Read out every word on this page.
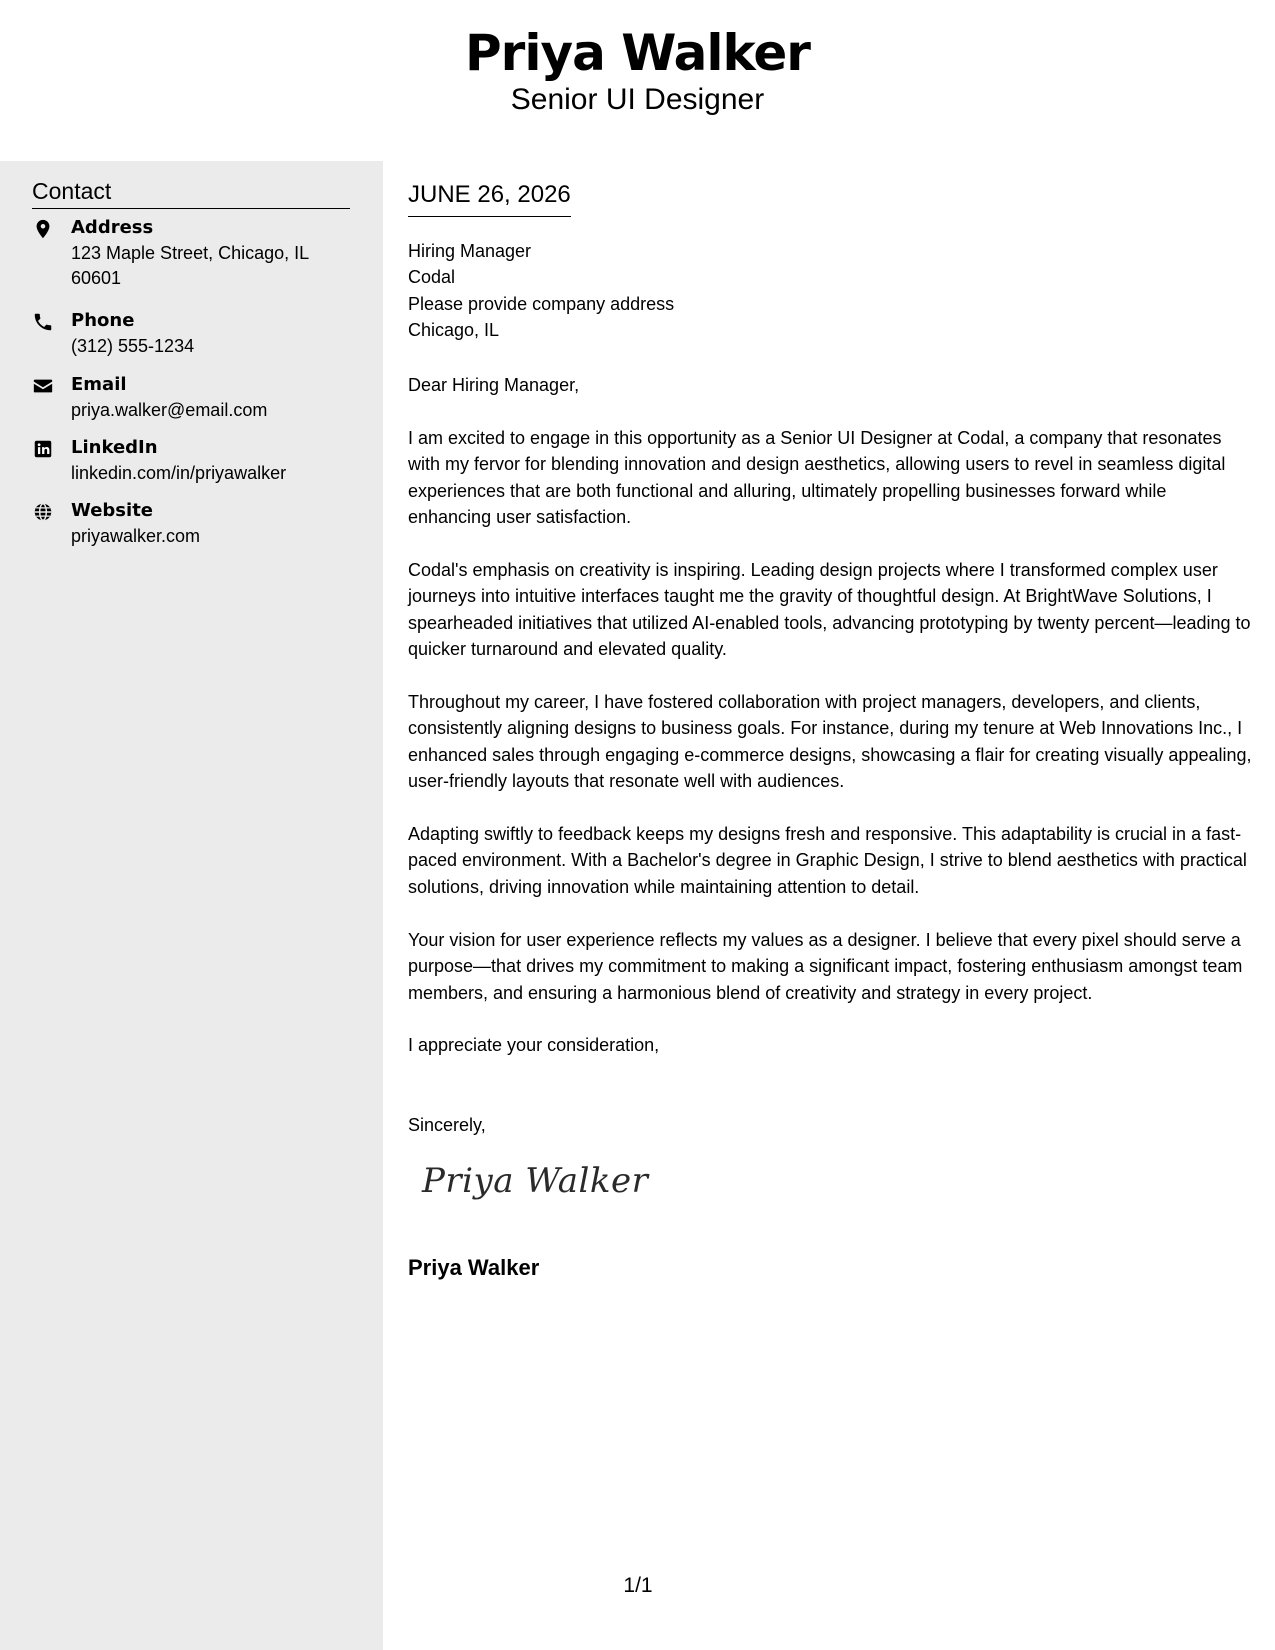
Priya Walker
Senior UI Designer
Contact
Address
123 Maple Street, Chicago, IL 60601
Phone
(312) 555-1234
Email
priya.walker@email.com
LinkedIn
linkedin.com/in/priyawalker
Website
priyawalker.com
JUNE 26, 2026
Hiring Manager
Codal
Please provide company address
Chicago, IL
Dear Hiring Manager,

I am excited to engage in this opportunity as a Senior UI Designer at Codal, a company that resonates with my fervor for blending innovation and design aesthetics, allowing users to revel in seamless digital experiences that are both functional and alluring, ultimately propelling businesses forward while enhancing user satisfaction.

Codal's emphasis on creativity is inspiring. Leading design projects where I transformed complex user journeys into intuitive interfaces taught me the gravity of thoughtful design. At BrightWave Solutions, I spearheaded initiatives that utilized AI-enabled tools, advancing prototyping by twenty percent—leading to quicker turnaround and elevated quality.

Throughout my career, I have fostered collaboration with project managers, developers, and clients, consistently aligning designs to business goals. For instance, during my tenure at Web Innovations Inc., I enhanced sales through engaging e-commerce designs, showcasing a flair for creating visually appealing, user-friendly layouts that resonate well with audiences.

Adapting swiftly to feedback keeps my designs fresh and responsive. This adaptability is crucial in a fast-paced environment. With a Bachelor's degree in Graphic Design, I strive to blend aesthetics with practical solutions, driving innovation while maintaining attention to detail.

Your vision for user experience reflects my values as a designer. I believe that every pixel should serve a purpose—that drives my commitment to making a significant impact, fostering enthusiasm amongst team members, and ensuring a harmonious blend of creativity and strategy in every project.

I appreciate your consideration,
Sincerely,
Priya Walker
Priya Walker
1/1
